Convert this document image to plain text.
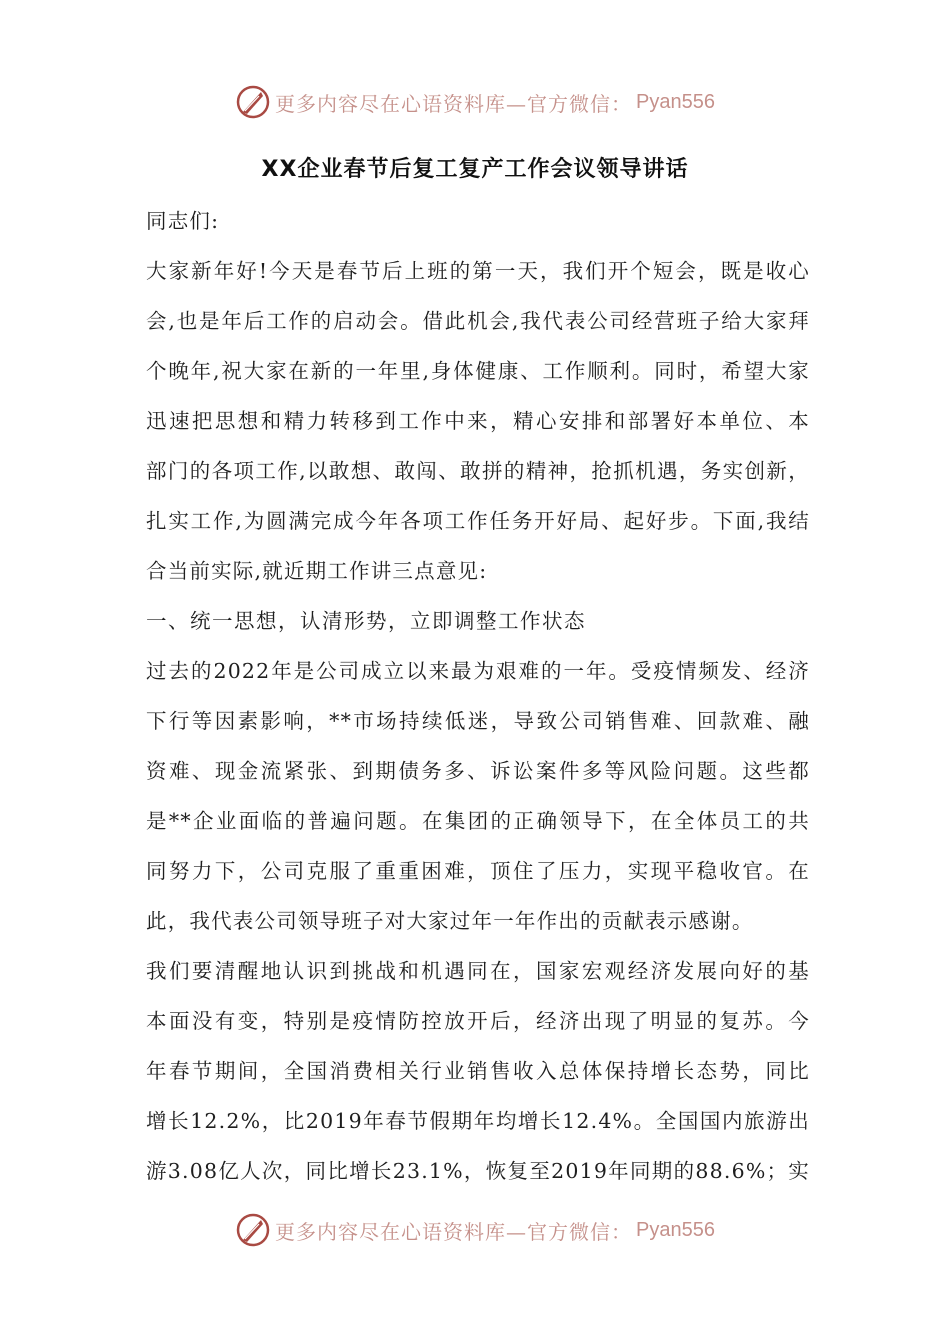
更多内容尽在心语资料库—官方微信： Pyan556
XX企业春节后复工复产工作会议领导讲话
同志们:
大家新年好!今天是春节后上班的第一天，我们开个短会，既是收心
会,也是年后工作的启动会。借此机会,我代表公司经营班子给大家拜
个晚年,祝大家在新的一年里,身体健康、工作顺利。同时，希望大家
迅速把思想和精力转移到工作中来，精心安排和部署好本单位、本
部门的各项工作,以敢想、敢闯、敢拼的精神，抢抓机遇，务实创新，
扎实工作,为圆满完成今年各项工作任务开好局、起好步。下面,我结
合当前实际,就近期工作讲三点意见:
一、统一思想，认清形势，立即调整工作状态
过去的2022年是公司成立以来最为艰难的一年。受疫情频发、经济
下行等因素影响，**市场持续低迷，导致公司销售难、回款难、融
资难、现金流紧张、到期债务多、诉讼案件多等风险问题。这些都
是**企业面临的普遍问题。在集团的正确领导下，在全体员工的共
同努力下，公司克服了重重困难，顶住了压力，实现平稳收官。在
此，我代表公司领导班子对大家过年一年作出的贡献表示感谢。
我们要清醒地认识到挑战和机遇同在，国家宏观经济发展向好的基
本面没有变，特别是疫情防控放开后，经济出现了明显的复苏。今
年春节期间，全国消费相关行业销售收入总体保持增长态势，同比
增长12.2%，比2019年春节假期年均增长12.4%。全国国内旅游出
游3.08亿人次，同比增长23.1%，恢复至2019年同期的88.6%；实
更多内容尽在心语资料库—官方微信： Pyan556
